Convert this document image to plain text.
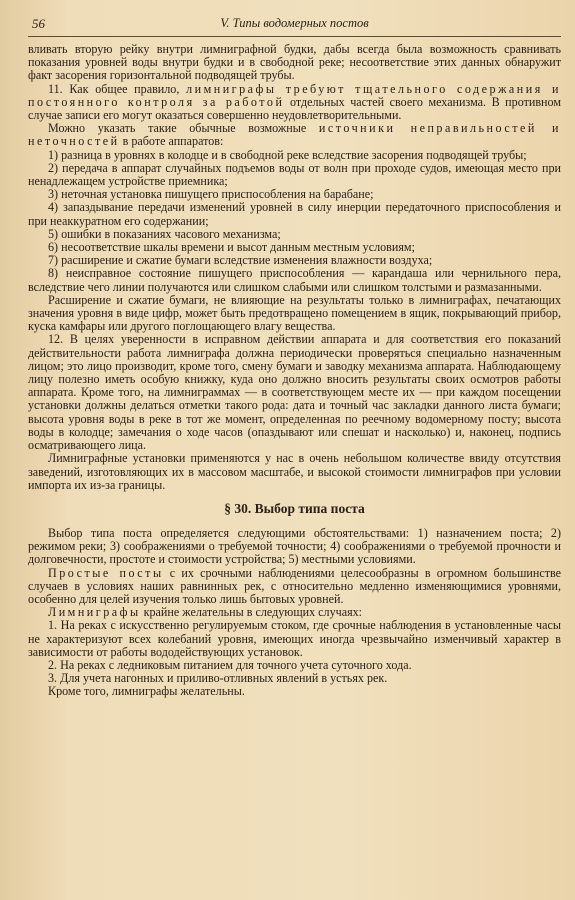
56	V. Типы водомерных постов

вливать вторую рейку внутри лимниграфной будки, дабы всегда была возможность сравнивать показания уровней воды внутри будки и в свободной реке; несоответствие этих данных обнаружит факт засорения горизонтальной подводящей трубы.

11. Как общее правило, лимниграфы требуют тщательного содержания и постоянного контроля за работой отдельных частей своего механизма. В противном случае записи его могут оказаться совершенно неудовлетворительными.

Можно указать такие обычные возможные источники неправильностей и неточностей в работе аппаратов:

1) разница в уровнях в колодце и в свободной реке вследствие засорения подводящей трубы;

2) передача в аппарат случайных подъемов воды от волн при проходе судов, имеющая место при ненадлежащем устройстве приемника;

3) неточная установка пишущего приспособления на барабане;

4) запаздывание передачи изменений уровней в силу инерции передаточного приспособления и при неаккуратном его содержании;

5) ошибки в показаниях часового механизма;

6) несоответствие шкалы времени и высот данным местным условиям;

7) расширение и сжатие бумаги вследствие изменения влажности воздуха;

8) неисправное состояние пишущего приспособления — карандаша или чернильного пера, вследствие чего линии получаются или слишком слабыми или слишком толстыми и размазанными.

Расширение и сжатие бумаги, не влияющие на результаты только в лимниграфах, печатающих значения уровня в виде цифр, может быть предотвращено помещением в ящик, покрывающий прибор, куска камфары или другого поглощающего влагу вещества.

12. В целях уверенности в исправном действии аппарата и для соответствия его показаний действительности работа лимниграфа должна периодически проверяться специально назначенным лицом; это лицо производит, кроме того, смену бумаги и заводку механизма аппарата. Наблюдающему лицу полезно иметь особую книжку, куда оно должно вносить результаты своих осмотров работы аппарата. Кроме того, на лимниграммах — в соответствующем месте их — при каждом посещении установки должны делаться отметки такого рода: дата и точный час закладки данного листа бумаги; высота уровня воды в реке в тот же момент, определенная по реечному водомерному посту; высота воды в колодце; замечания о ходе часов (опаздывают или спешат и насколько) и, наконец, подпись осматривающего лица.

Лимниграфные установки применяются у нас в очень небольшом количестве ввиду отсутствия заведений, изготовляющих их в массовом масштабе, и высокой стоимости лимниграфов при условии импорта их из-за границы.

§ 30. Выбор типа поста

Выбор типа поста определяется следующими обстоятельствами: 1) назначением поста; 2) режимом реки; 3) соображениями о требуемой точности; 4) соображениями о требуемой прочности и долговечности, простоте и стоимости устройства; 5) местными условиями.

Простые посты с их срочными наблюдениями целесообразны в огромном большинстве случаев в условиях наших равнинных рек, с относительно медленно изменяющимися уровнями, особенно для целей изучения только лишь бытовых уровней.

Лимниграфы крайне желательны в следующих случаях:

1. На реках с искусственно регулируемым стоком, где срочные наблюдения в установленные часы не характеризуют всех колебаний уровня, имеющих иногда чрезвычайно изменчивый характер в зависимости от работы вододействующих установок.

2. На реках с ледниковым питанием для точного учета суточного хода.

3. Для учета нагонных и приливо-отливных явлений в устьях рек.

Кроме того, лимниграфы желательны.
